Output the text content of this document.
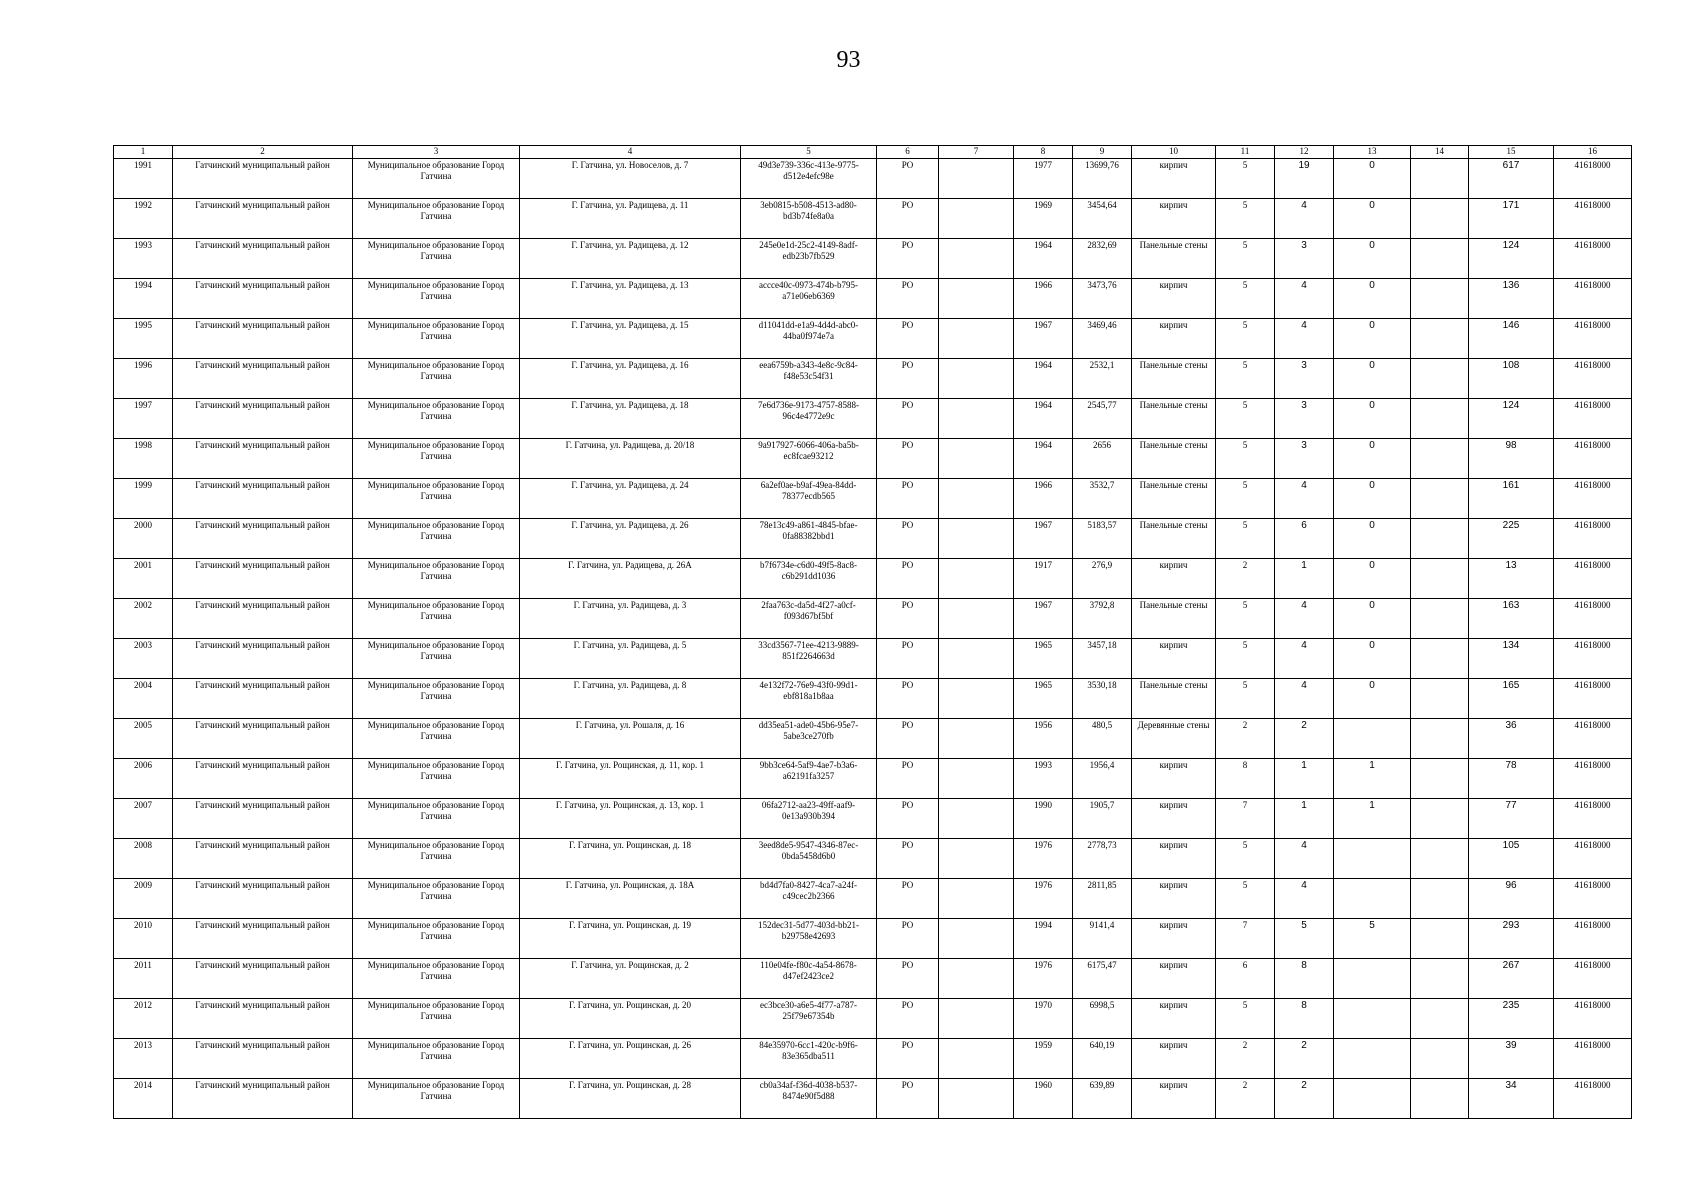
93
1	2	3	4	5	6	7	8	9	10	11	12	13	14	15	16
1991	Гатчинский муниципальный район	Муниципальное образование Город Гатчина	Г. Гатчина, ул. Новоселов, д. 7	49d3e739-336c-413e-9775-d512e4efc98e	РО		1977	13699,76	кирпич	5	19	0		617	41618000
1992	Гатчинский муниципальный район	Муниципальное образование Город Гатчина	Г. Гатчина, ул. Радищева, д. 11	3eb0815-b508-4513-ad80-bd3b74fe8a0a	РО		1969	3454,64	кирпич	5	4	0		171	41618000
1993	Гатчинский муниципальный район	Муниципальное образование Город Гатчина	Г. Гатчина, ул. Радищева, д. 12	245e0e1d-25c2-4149-8adf-edb23b7fb529	РО		1964	2832,69	Панельные стены	5	3	0		124	41618000
1994	Гатчинский муниципальный район	Муниципальное образование Город Гатчина	Г. Гатчина, ул. Радищева, д. 13	accce40c-0973-474b-b795-a71e06eb6369	РО		1966	3473,76	кирпич	5	4	0		136	41618000
1995	Гатчинский муниципальный район	Муниципальное образование Город Гатчина	Г. Гатчина, ул. Радищева, д. 15	d11041dd-e1a9-4d4d-abc0-44ba0f974e7a	РО		1967	3469,46	кирпич	5	4	0		146	41618000
1996	Гатчинский муниципальный район	Муниципальное образование Город Гатчина	Г. Гатчина, ул. Радищева, д. 16	eea6759b-a343-4e8c-9c84-f48e53c54f31	РО		1964	2532,1	Панельные стены	5	3	0		108	41618000
1997	Гатчинский муниципальный район	Муниципальное образование Город Гатчина	Г. Гатчина, ул. Радищева, д. 18	7e6d736e-9173-4757-8588-96c4e4772e9c	РО		1964	2545,77	Панельные стены	5	3	0		124	41618000
1998	Гатчинский муниципальный район	Муниципальное образование Город Гатчина	Г. Гатчина, ул. Радищева, д. 20/18	9a917927-6066-406a-ba5b-ec8fcae93212	РО		1964	2656	Панельные стены	5	3	0		98	41618000
1999	Гатчинский муниципальный район	Муниципальное образование Город Гатчина	Г. Гатчина, ул. Радищева, д. 24	6a2ef0ae-b9af-49ea-84dd-78377ecdb565	РО		1966	3532,7	Панельные стены	5	4	0		161	41618000
2000	Гатчинский муниципальный район	Муниципальное образование Город Гатчина	Г. Гатчина, ул. Радищева, д. 26	78e13c49-a861-4845-bfae-0fa88382bbd1	РО		1967	5183,57	Панельные стены	5	6	0		225	41618000
2001	Гатчинский муниципальный район	Муниципальное образование Город Гатчина	Г. Гатчина, ул. Радищева, д. 26А	b7f6734e-c6d0-49f5-8ac8-c6b291dd1036	РО		1917	276,9	кирпич	2	1	0		13	41618000
2002	Гатчинский муниципальный район	Муниципальное образование Город Гатчина	Г. Гатчина, ул. Радищева, д. 3	2faa763c-da5d-4f27-a0cf-f093d67bf5bf	РО		1967	3792,8	Панельные стены	5	4	0		163	41618000
2003	Гатчинский муниципальный район	Муниципальное образование Город Гатчина	Г. Гатчина, ул. Радищева, д. 5	33cd3567-71ee-4213-9889-851f2264663d	РО		1965	3457,18	кирпич	5	4	0		134	41618000
2004	Гатчинский муниципальный район	Муниципальное образование Город Гатчина	Г. Гатчина, ул. Радищева, д. 8	4e132f72-76e9-43f0-99d1-ebf818a1b8aa	РО		1965	3530,18	Панельные стены	5	4	0		165	41618000
2005	Гатчинский муниципальный район	Муниципальное образование Город Гатчина	Г. Гатчина, ул. Рошаля, д. 16	dd35ea51-ade0-45b6-95e7-5abe3ce270fb	РО		1956	480,5	Деревянные стены	2	2			36	41618000
2006	Гатчинский муниципальный район	Муниципальное образование Город Гатчина	Г. Гатчина, ул. Рощинская, д. 11, кор. 1	9bb3ce64-5af9-4ae7-b3a6-a62191fa3257	РО		1993	1956,4	кирпич	8	1	1		78	41618000
2007	Гатчинский муниципальный район	Муниципальное образование Город Гатчина	Г. Гатчина, ул. Рощинская, д. 13, кор. 1	06fa2712-aa23-49ff-aaf9-0e13a930b394	РО		1990	1905,7	кирпич	7	1	1		77	41618000
2008	Гатчинский муниципальный район	Муниципальное образование Город Гатчина	Г. Гатчина, ул. Рощинская, д. 18	3eed8de5-9547-4346-87ec-0bda5458d6b0	РО		1976	2778,73	кирпич	5	4			105	41618000
2009	Гатчинский муниципальный район	Муниципальное образование Город Гатчина	Г. Гатчина, ул. Рощинская, д. 18А	bd4d7fa0-8427-4ca7-a24f-c49cec2b2366	РО		1976	2811,85	кирпич	5	4			96	41618000
2010	Гатчинский муниципальный район	Муниципальное образование Город Гатчина	Г. Гатчина, ул. Рощинская, д. 19	152dec31-5d77-403d-bb21-b29758e42693	РО		1994	9141,4	кирпич	7	5	5		293	41618000
2011	Гатчинский муниципальный район	Муниципальное образование Город Гатчина	Г. Гатчина, ул. Рощинская, д. 2	110e04fe-f80c-4a54-8678-d47ef2423ce2	РО		1976	6175,47	кирпич	6	8			267	41618000
2012	Гатчинский муниципальный район	Муниципальное образование Город Гатчина	Г. Гатчина, ул. Рощинская, д. 20	ec3bce30-a6e5-4f77-a787-25f79e67354b	РО		1970	6998,5	кирпич	5	8			235	41618000
2013	Гатчинский муниципальный район	Муниципальное образование Город Гатчина	Г. Гатчина, ул. Рощинская, д. 26	84e35970-6cc1-420c-b9f6-83e365dba511	РО		1959	640,19	кирпич	2	2			39	41618000
2014	Гатчинский муниципальный район	Муниципальное образование Город Гатчина	Г. Гатчина, ул. Рощинская, д. 28	cb0a34af-f36d-4038-b537-8474e90f5d88	РО		1960	639,89	кирпич	2	2			34	41618000
